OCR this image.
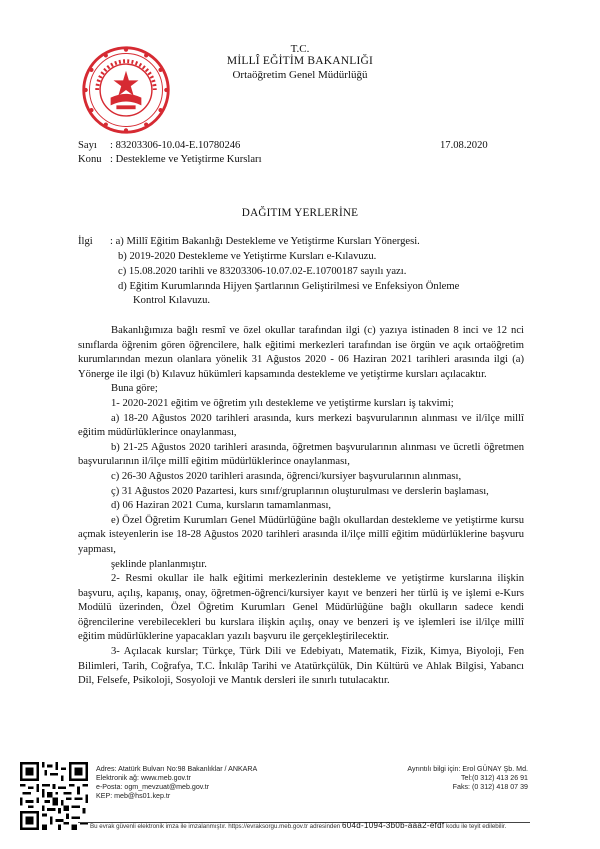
T.C.
MİLLÎ EĞİTİM BAKANLIĞI
Ortaöğretim Genel Müdürlüğü
Sayı : 83203306-10.04-E.10780246	17.08.2020
Konu : Destekleme ve Yetiştirme Kursları
DAĞITIM YERLERİNE
İlgi : a) Millî Eğitim Bakanlığı Destekleme ve Yetiştirme Kursları Yönergesi.
b) 2019-2020 Destekleme ve Yetiştirme Kursları e-Kılavuzu.
c) 15.08.2020 tarihli ve 83203306-10.07.02-E.10700187 sayılı yazı.
d) Eğitim Kurumlarında Hijyen Şartlarının Geliştirilmesi ve Enfeksiyon Önleme
Kontrol Kılavuzu.

Bakanlığımıza bağlı resmî ve özel okullar tarafından ilgi (c) yazıya istinaden 8 inci ve 12 nci sınıflarda öğrenim gören öğrencilere, halk eğitimi merkezleri tarafından ise örgün ve açık ortaöğretim kurumlarından mezun olanlara yönelik 31 Ağustos 2020 - 06 Haziran 2021 tarihleri arasında ilgi (a) Yönerge ile ilgi (b) Kılavuz hükümleri kapsamında destekleme ve yetiştirme kursları açılacaktır.

Buna göre;

1- 2020-2021 eğitim ve öğretim yılı destekleme ve yetiştirme kursları iş takvimi;

a) 18-20 Ağustos 2020 tarihleri arasında, kurs merkezi başvurularının alınması ve il/ilçe millî eğitim müdürlüklerince onaylanması,

b) 21-25 Ağustos 2020 tarihleri arasında, öğretmen başvurularının alınması ve ücretli öğretmen başvurularının il/ilçe millî eğitim müdürlüklerince onaylanması,

c) 26-30 Ağustos 2020 tarihleri arasında, öğrenci/kursiyer başvurularının alınması,

ç) 31 Ağustos 2020 Pazartesi, kurs sınıf/gruplarının oluşturulması ve derslerin başlaması,

d) 06 Haziran 2021 Cuma, kursların tamamlanması,

e) Özel Öğretim Kurumları Genel Müdürlüğüne bağlı okullardan destekleme ve yetiştirme kursu açmak isteyenlerin ise 18-28 Ağustos 2020 tarihleri arasında il/ilçe millî eğitim müdürlüklerine başvuru yapması,

şeklinde planlanmıştır.

2- Resmi okullar ile halk eğitimi merkezlerinin destekleme ve yetiştirme kurslarına ilişkin başvuru, açılış, kapanış, onay, öğretmen-öğrenci/kursiyer kayıt ve benzeri her türlü iş ve işlemi e-Kurs Modülü üzerinden, Özel Öğretim Kurumları Genel Müdürlüğüne bağlı okulların sadece kendi öğrencilerine verebilecekleri bu kurslara ilişkin açılış, onay ve benzeri iş ve işlemleri ise il/ilçe millî eğitim müdürlüklerine yapacakları yazılı başvuru ile gerçekleştirilecektir.

3- Açılacak kurslar; Türkçe, Türk Dili ve Edebiyatı, Matematik, Fizik, Kimya, Biyoloji, Fen Bilimleri, Tarih, Coğrafya, T.C. İnkılâp Tarihi ve Atatürkçülük, Din Kültürü ve Ahlak Bilgisi, Yabancı Dil, Felsefe, Psikoloji, Sosyoloji ve Mantık dersleri ile sınırlı tutulacaktır.

Adres: Atatürk Bulvarı No:98 Bakanlıklar / ANKARA
Elektronik ağ: www.meb.gov.tr
e-Posta: ogm_mevzuat@meb.gov.tr
KEP: meb@hs01.kep.tr
Ayrıntılı bilgi için: Erol GÜNAY Şb. Md.
Tel:(0 312) 413 26 91
Faks: (0 312) 418 07 39
Bu evrak güvenli elektronik imza ile imzalanmıştır. https://evraksorgu.meb.gov.tr adresinden 604d-1094-3b0b-aaa2-efdf kodu ile teyit edilebilir.
